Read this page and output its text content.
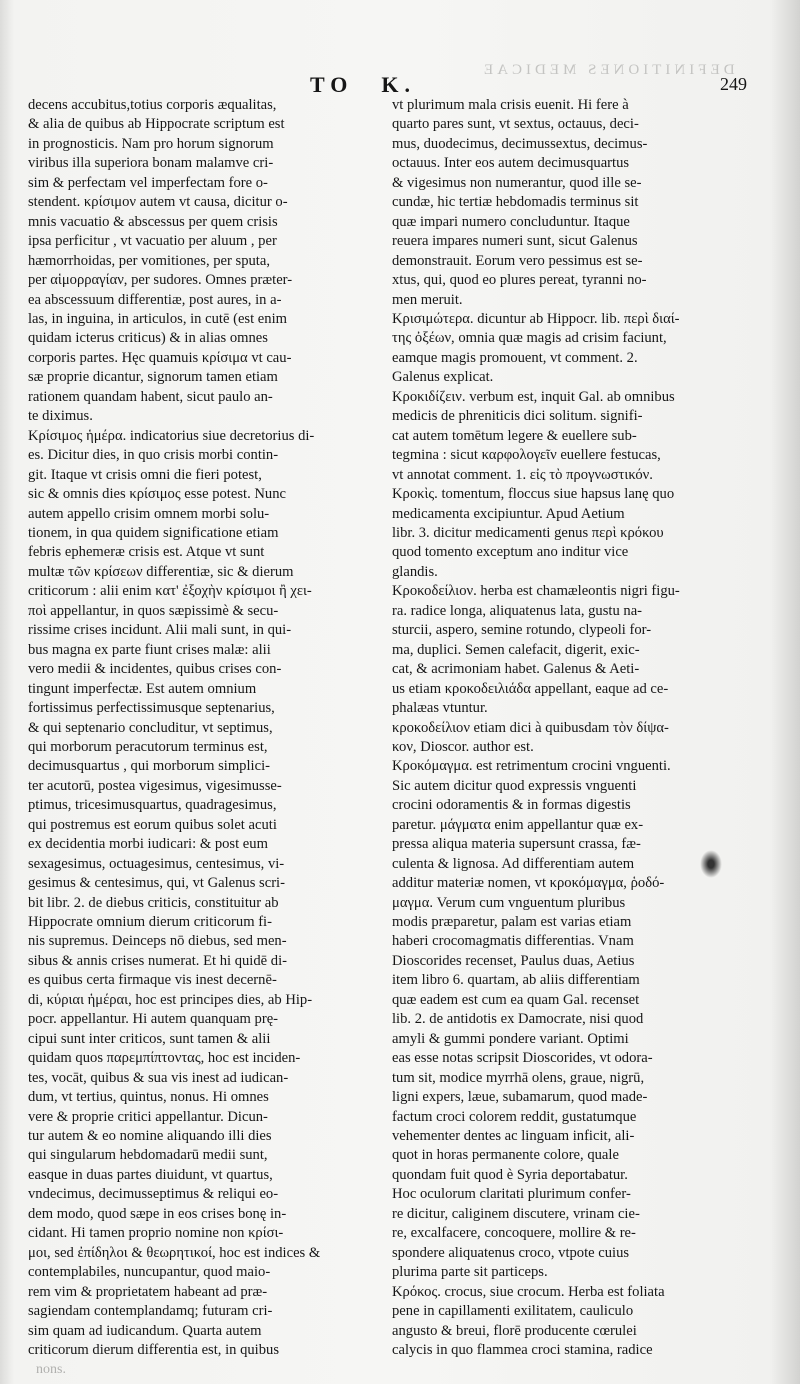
DEFINITIONES MEDICAE
TO K.	249
decens accubitus,totius corporis æqualitas,
& alia de quibus ab Hippocrate scriptum est
in prognosticis. Nam pro horum signorum
viribus illa superiora bonam malamve cri-
sim & perfectam vel imperfectam fore o-
stendent. κρίσιμον autem vt causa, dicitur o-
mnis vacuatio & abscessus per quem crisis
ipsa perficitur , vt vacuatio per aluum , per
hæmorrhoidas, per vomitiones, per sputa,
per αἱμορραγίαν, per sudores. Omnes præter-
ea abscessuum differentiæ, post aures, in a-
las, in inguina, in articulos, in cutē (est enim
quidam icterus criticus) & in alias omnes
corporis partes. Hęc quamuis κρίσιμα vt cau-
sæ proprie dicantur, signorum tamen etiam
rationem quandam habent, sicut paulo an-
te diximus.
Κρίσιμος ἡμέρα. indicatorius siue decretorius di-
es. Dicitur dies, in quo crisis morbi contin-
git. Itaque vt crisis omni die fieri potest,
sic & omnis dies κρίσιμος esse potest. Nunc
autem appello crisim omnem morbi solu-
tionem, in qua quidem significatione etiam
febris ephemeræ crisis est. Atque vt sunt
multæ τῶν κρίσεων differentiæ, sic & dierum
criticorum : alii enim κατ' ἐξοχὴν κρίσιμοι ἢ χει-
ποὶ appellantur, in quos sæpissimè & secu-
rissime crises incidunt. Alii mali sunt, in qui-
bus magna ex parte fiunt crises malæ: alii
vero medii & incidentes, quibus crises con-
tingunt imperfectæ. Est autem omnium
fortissimus perfectissimusque septenarius,
& qui septenario concluditur, vt septimus,
qui morborum peracutorum terminus est,
decimusquartus , qui morborum simplici-
ter acutorū, postea vigesimus, vigesimusse-
ptimus, tricesimusquartus, quadragesimus,
qui postremus est eorum quibus solet acuti
ex decidentia morbi iudicari: & post eum
sexagesimus, octuagesimus, centesimus, vi-
gesimus & centesimus, qui, vt Galenus scri-
bit libr. 2. de diebus criticis, constituitur ab
Hippocrate omnium dierum criticorum fi-
nis supremus. Deinceps nō diebus, sed men-
sibus & annis crises numerat. Et hi quidē di-
es quibus certa firmaque vis inest decernē-
di, κύριαι ἡμέραι, hoc est principes dies, ab Hip-
pocr. appellantur. Hi autem quanquam prę-
cipui sunt inter criticos, sunt tamen & alii
quidam quos παρεμπίπτοντας, hoc est inciden-
tes, vocāt, quibus & sua vis inest ad iudican-
dum, vt tertius, quintus, nonus. Hi omnes
vere & proprie critici appellantur. Dicun-
tur autem & eo nomine aliquando illi dies
qui singularum hebdomadarū medii sunt,
easque in duas partes diuidunt, vt quartus,
vndecimus, decimusseptimus & reliqui eo-
dem modo, quod sæpe in eos crises bonę in-
cidant. Hi tamen proprio nomine non κρίσι-
μοι, sed ἐπίδηλοι & θεωρητικοί, hoc est indices &
contemplabiles, nuncupantur, quod maio-
rem vim & proprietatem habeant ad præ-
sagiendam contemplandamq; futuram cri-
sim quam ad iudicandum. Quarta autem
criticorum dierum differentia est, in quibus
vt plurimum mala crisis euenit. Hi fere à
quarto pares sunt, vt sextus, octauus, deci-
mus, duodecimus, decimussextus, decimus-
octauus. Inter eos autem decimusquartus
& vigesimus non numerantur, quod ille se-
cundæ, hic tertiæ hebdomadis terminus sit
quæ impari numero concluduntur. Itaque
reuera impares numeri sunt, sicut Galenus
demonstrauit. Eorum vero pessimus est se-
xtus, qui, quod eo plures pereat, tyranni no-
men meruit.
Κρισιμώτερα. dicuntur ab Hippocr. lib. περὶ διαί-
της ὀξέων, omnia quæ magis ad crisim faciunt,
eamque magis promouent, vt comment. 2.
Galenus explicat.
Κροκιδίζειν. verbum est, inquit Gal. ab omnibus
medicis de phreniticis dici solitum. signifi-
cat autem tomētum legere & euellere sub-
tegmina : sicut καρφολογεῖν euellere festucas,
vt annotat comment. 1. εἰς τὸ προγνωστικόν.
Κροκὶς. tomentum, floccus siue hapsus lanę quo
medicamenta excipiuntur. Apud Aetium
libr. 3. dicitur medicamenti genus περὶ κρόκου
quod tomento exceptum ano inditur vice
glandis.
Κροκοδείλιον. herba est chamæleontis nigri figu-
ra. radice longa, aliquatenus lata, gustu na-
sturcii, aspero, semine rotundo, clypeoli for-
ma, duplici. Semen calefacit, digerit, exic-
cat, & acrimoniam habet. Galenus & Aeti-
us etiam κροκοδειλιάδα appellant, eaque ad ce-
phalæas vtuntur.
κροκοδείλιον etiam dici à quibusdam τὸν δίψα-
κον, Dioscor. author est.
Κροκόμαγμα. est retrimentum crocini vnguenti.
Sic autem dicitur quod expressis vnguenti
crocini odoramentis & in formas digestis
paretur. μάγματα enim appellantur quæ ex-
pressa aliqua materia supersunt crassa, fæ-
culenta & lignosa. Ad differentiam autem
additur materiæ nomen, vt κροκόμαγμα, ῥοδό-
μαγμα. Verum cum vnguentum pluribus
modis præparetur, palam est varias etiam
haberi crocomagmatis differentias. Vnam
Dioscorides recenset, Paulus duas, Aetius
item libro 6. quartam, ab aliis differentiam
quæ eadem est cum ea quam Gal. recenset
lib. 2. de antidotis ex Damocrate, nisi quod
amyli & gummi pondere variant. Optimi
eas esse notas scripsit Dioscorides, vt odora-
tum sit, modice myrrhā olens, graue, nigrū,
ligni expers, læue, subamarum, quod made-
factum croci colorem reddit, gustatumque
vehementer dentes ac linguam inficit, ali-
quot in horas permanente colore, quale
quondam fuit quod è Syria deportabatur.
Hoc oculorum claritati plurimum confer-
re dicitur, caliginem discutere, vrinam cie-
re, excalfacere, concoquere, mollire & re-
spondere aliquatenus croco, vtpote cuius
plurima parte sit particeps.
Κρόκος. crocus, siue crocum. Herba est foliata
pene in capillamenti exilitatem, cauliculo
angusto & breui, florē producente cœrulei
calycis in quo flammea croci stamina, radice
nons.
